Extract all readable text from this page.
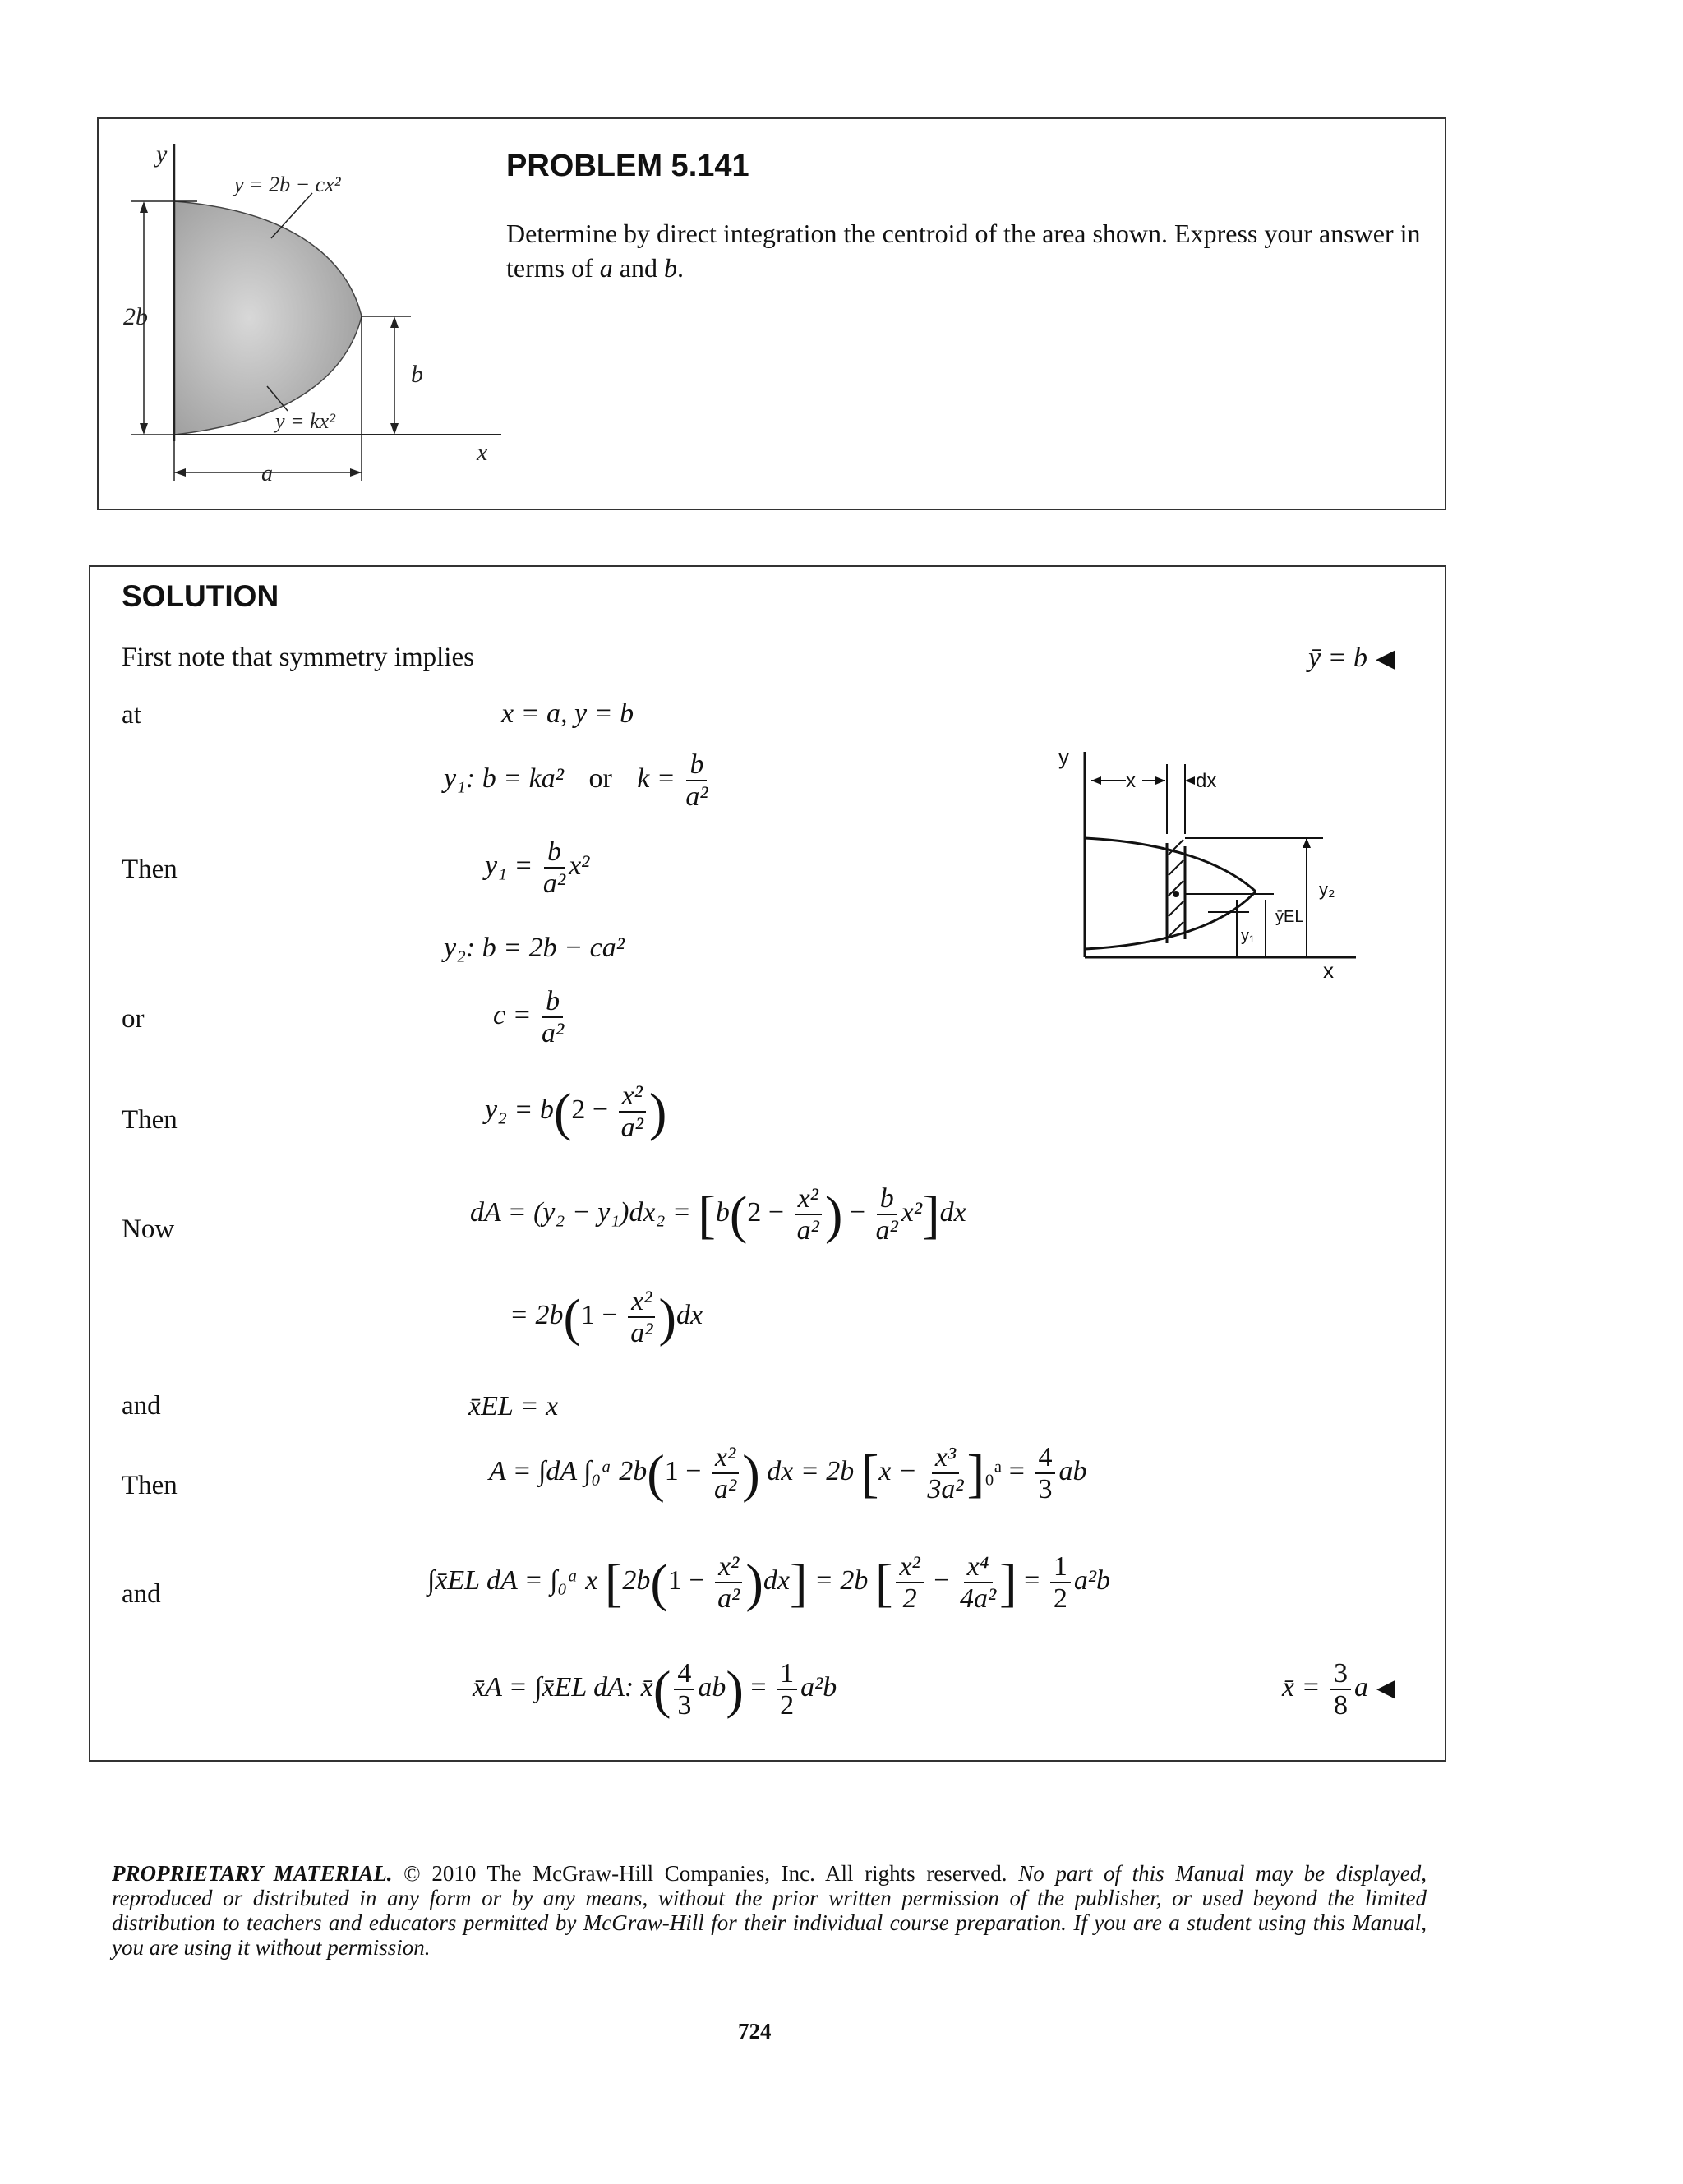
y
y = 2b − cx²
2b
b
y = kx²
a
x
PROBLEM 5.141
Determine by direct integration the centroid of the area shown. Express your answer in terms of a and b.
SOLUTION
First note that symmetry implies	ȳ = b ◀
at
Then
or
Then
Now
and
Then
and
x = a, y = b
y₁: b = ka² or $k = \frac{b}{\text{a²}}$
$y_1 = \frac{b}{\text{a²}} x^2$
y₂: b = 2b − ca²
$c = \frac{b}{\text{a²}}$
$y_2 = b(2 - \frac{\text{x²}}{\text{a²}}$ )
dA = $(y_2 - y_1)dx_2 = [b(2 - \frac{\text{x²}}{\text{a²}}$ ) − $\frac{b}{\text{a²}} x^2]dx$
= $2b(1 - \frac{\text{x²}}{\text{a²}} )dx$
x̄EL = x
A = ∫dA ∫₀ᵃ $2b(1 - \frac{\text{x²}}{\text{a²}}$ ) dx = 2b [$x - \frac{\text{x³}}{\text{3a²}}$ ]₀ᵃ = $\frac{4}{3}$ ab
∫x̄EL dA = ∫₀ᵃ x $[2b(1 - \frac{\text{x²}}{\text{a²}} )dx] = 2b$ [ $\frac{\text{x²}}{2} - \frac{\text{x⁴}}{\text{4a²}}$ ] = $\frac{1}{2} a^2b$
x̄A = ∫x̄EL dA: x̄( $\frac{4}{3} ab) = \frac{1}{2} a^2b$	x̄ = $\frac{3}{8}$ a ◀
y
x	dx
y₂
ȳEL
y₁
x
PROPRIETARY MATERIAL. © 2010 The McGraw-Hill Companies, Inc. All rights reserved. No part of this Manual may be displayed, reproduced or distributed in any form or by any means, without the prior written permission of the publisher, or used beyond the limited distribution to teachers and educators permitted by McGraw-Hill for their individual course preparation. If you are a student using this Manual, you are using it without permission.
724
